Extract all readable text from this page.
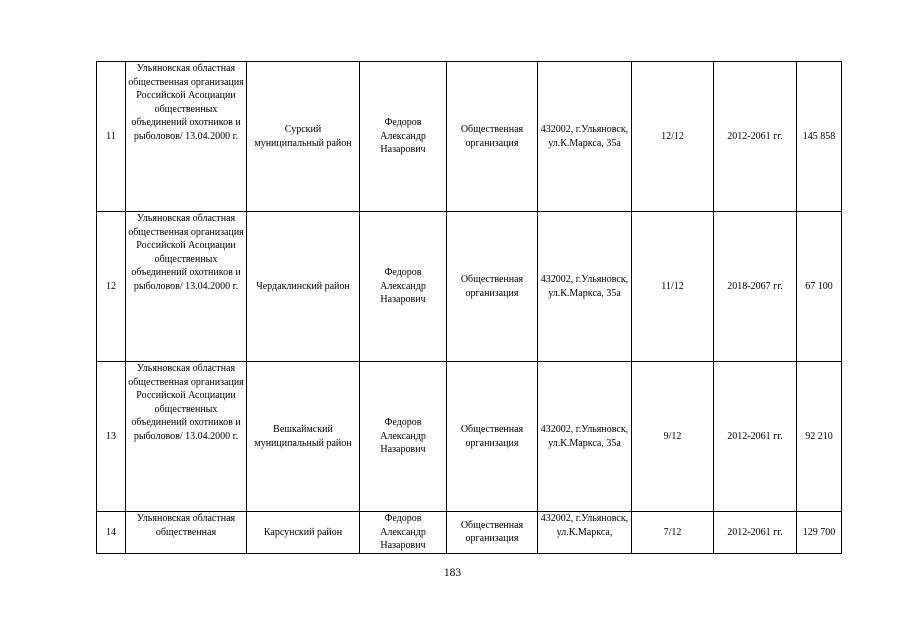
11	Ульяновская областная общественная организация Российской Асоциации общественных объединений охотников и рыболовов/ 13.04.2000 г.	Сурский муниципальный район	Федоров Александр Назарович	Общественная организация	432002, г.Ульяновск, ул.К.Маркса, 35а	12/12	2012-2061 гг.	145 858
12	Ульяновская областная общественная организация Российской Асоциации общественных объединений охотников и рыболовов/ 13.04.2000 г.	Чердаклинский район	Федоров Александр Назарович	Общественная организация	432002, г.Ульяновск, ул.К.Маркса, 35а	11/12	2018-2067 гг.	67 100
13	Ульяновская областная общественная организация Российской Асоциации общественных объединений охотников и рыболовов/ 13.04.2000 г.	Вешкаймский муниципальный район	Федоров Александр Назарович	Общественная организация	432002, г.Ульяновск, ул.К.Маркса, 35а	9/12	2012-2061 гг.	92 210
14	Ульяновская областная общественная	Карсунский район	Федоров Александр Назарович	Общественная организация	432002, г.Ульяновск, ул.К.Маркса,	7/12	2012-2061 гг.	129 700
183
